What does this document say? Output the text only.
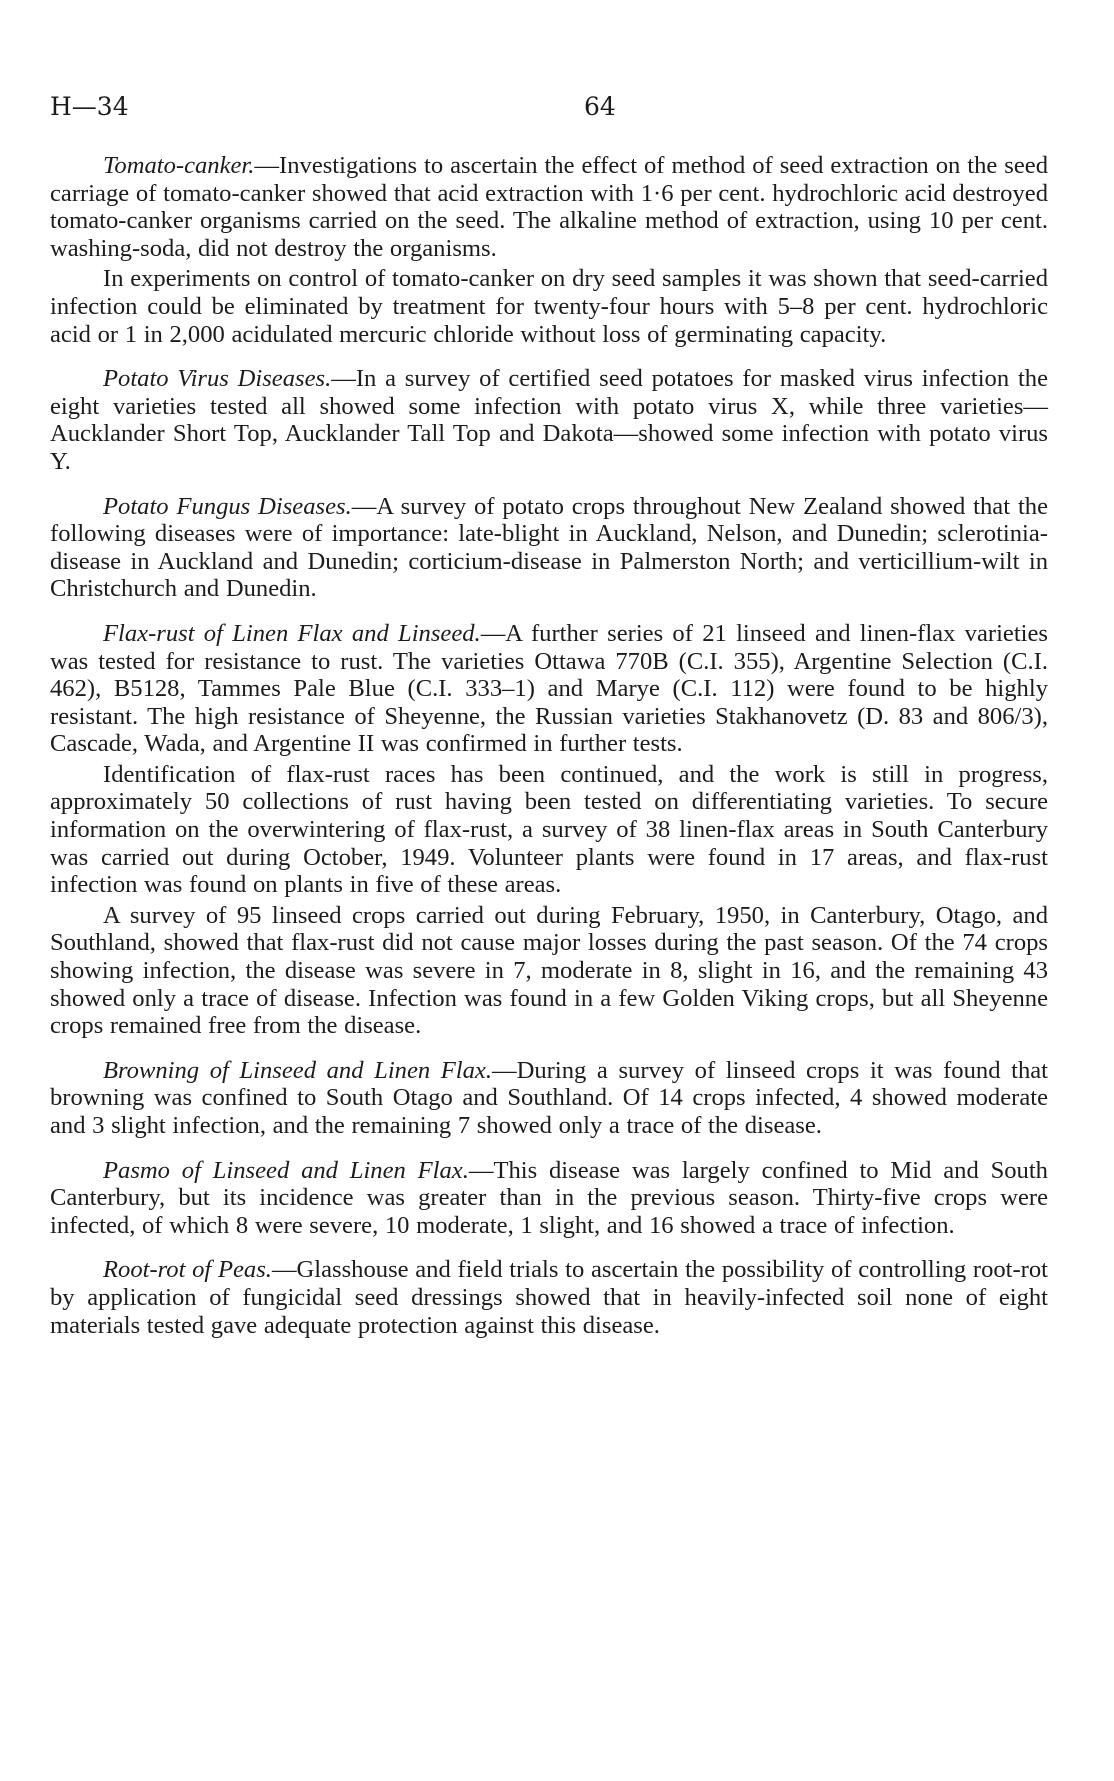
H—34	64

Tomato-canker.—Investigations to ascertain the effect of method of seed extraction on the seed carriage of tomato-canker showed that acid extraction with 1·6 per cent. hydrochloric acid destroyed tomato-canker organisms carried on the seed. The alkaline method of extraction, using 10 per cent. washing-soda, did not destroy the organisms.

In experiments on control of tomato-canker on dry seed samples it was shown that seed-carried infection could be eliminated by treatment for twenty-four hours with 5–8 per cent. hydrochloric acid or 1 in 2,000 acidulated mercuric chloride without loss of germinating capacity.

Potato Virus Diseases.—In a survey of certified seed potatoes for masked virus infection the eight varieties tested all showed some infection with potato virus X, while three varieties—Aucklander Short Top, Aucklander Tall Top and Dakota—showed some infection with potato virus Y.

Potato Fungus Diseases.—A survey of potato crops throughout New Zealand showed that the following diseases were of importance: late-blight in Auckland, Nelson, and Dunedin; sclerotinia-disease in Auckland and Dunedin; corticium-disease in Palmerston North; and verticillium-wilt in Christchurch and Dunedin.

Flax-rust of Linen Flax and Linseed.—A further series of 21 linseed and linen-flax varieties was tested for resistance to rust. The varieties Ottawa 770B (C.I. 355), Argentine Selection (C.I. 462), B5128, Tammes Pale Blue (C.I. 333–1) and Marye (C.I. 112) were found to be highly resistant. The high resistance of Sheyenne, the Russian varieties Stakhanovetz (D. 83 and 806/3), Cascade, Wada, and Argentine II was confirmed in further tests.

Identification of flax-rust races has been continued, and the work is still in progress, approximately 50 collections of rust having been tested on differentiating varieties. To secure information on the overwintering of flax-rust, a survey of 38 linen-flax areas in South Canterbury was carried out during October, 1949. Volunteer plants were found in 17 areas, and flax-rust infection was found on plants in five of these areas.

A survey of 95 linseed crops carried out during February, 1950, in Canterbury, Otago, and Southland, showed that flax-rust did not cause major losses during the past season. Of the 74 crops showing infection, the disease was severe in 7, moderate in 8, slight in 16, and the remaining 43 showed only a trace of disease. Infection was found in a few Golden Viking crops, but all Sheyenne crops remained free from the disease.

Browning of Linseed and Linen Flax.—During a survey of linseed crops it was found that browning was confined to South Otago and Southland. Of 14 crops infected, 4 showed moderate and 3 slight infection, and the remaining 7 showed only a trace of the disease.

Pasmo of Linseed and Linen Flax.—This disease was largely confined to Mid and South Canterbury, but its incidence was greater than in the previous season. Thirty-five crops were infected, of which 8 were severe, 10 moderate, 1 slight, and 16 showed a trace of infection.

Root-rot of Peas.—Glasshouse and field trials to ascertain the possibility of controlling root-rot by application of fungicidal seed dressings showed that in heavily-infected soil none of eight materials tested gave adequate protection against this disease.
